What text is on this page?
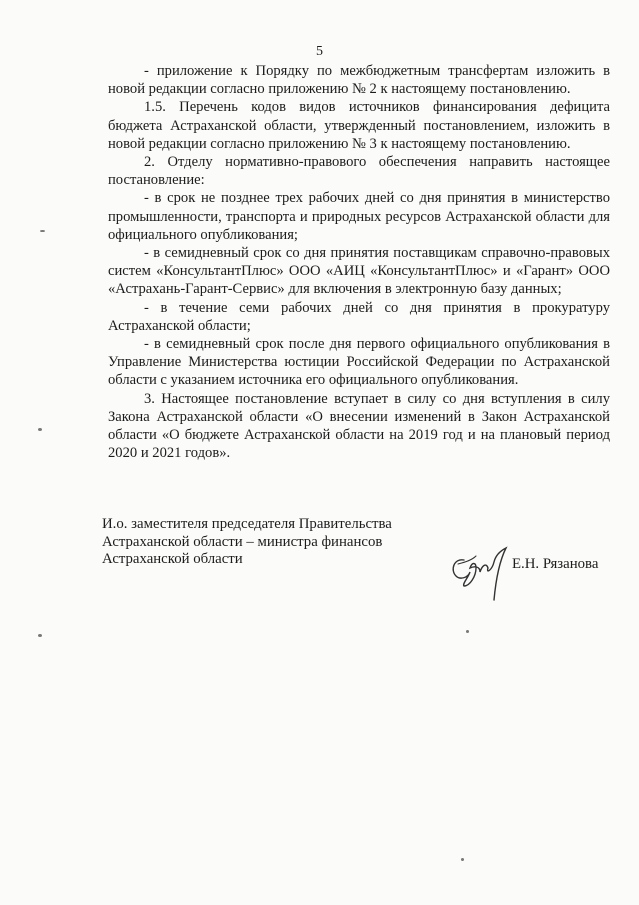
5

- приложение к Порядку по межбюджетным трансфертам изложить в новой редакции согласно приложению № 2 к настоящему постановлению.

1.5. Перечень кодов видов источников финансирования дефицита бюджета Астраханской области, утвержденный постановлением, изложить в новой редакции согласно приложению № 3 к настоящему постановлению.

2. Отделу нормативно-правового обеспечения направить настоящее постановление:

- в срок не позднее трех рабочих дней со дня принятия в министерство промышленности, транспорта и природных ресурсов Астраханской области для официального опубликования;

- в семидневный срок со дня принятия поставщикам справочно-правовых систем «КонсультантПлюс» ООО «АИЦ «КонсультантПлюс» и «Гарант» ООО «Астрахань-Гарант-Сервис» для включения в электронную базу данных;

- в течение семи рабочих дней со дня принятия в прокуратуру Астраханской области;

- в семидневный срок после дня первого официального опубликования в Управление Министерства юстиции Российской Федерации по Астраханской области с указанием источника его официального опубликования.

3. Настоящее постановление вступает в силу со дня вступления в силу Закона Астраханской области «О внесении изменений в Закон Астраханской области «О бюджете Астраханской области на 2019 год и на плановый период 2020 и 2021 годов».

И.о. заместителя председателя Правительства
Астраханской области – министра финансов
Астраханской области	Е.Н. Рязанова
